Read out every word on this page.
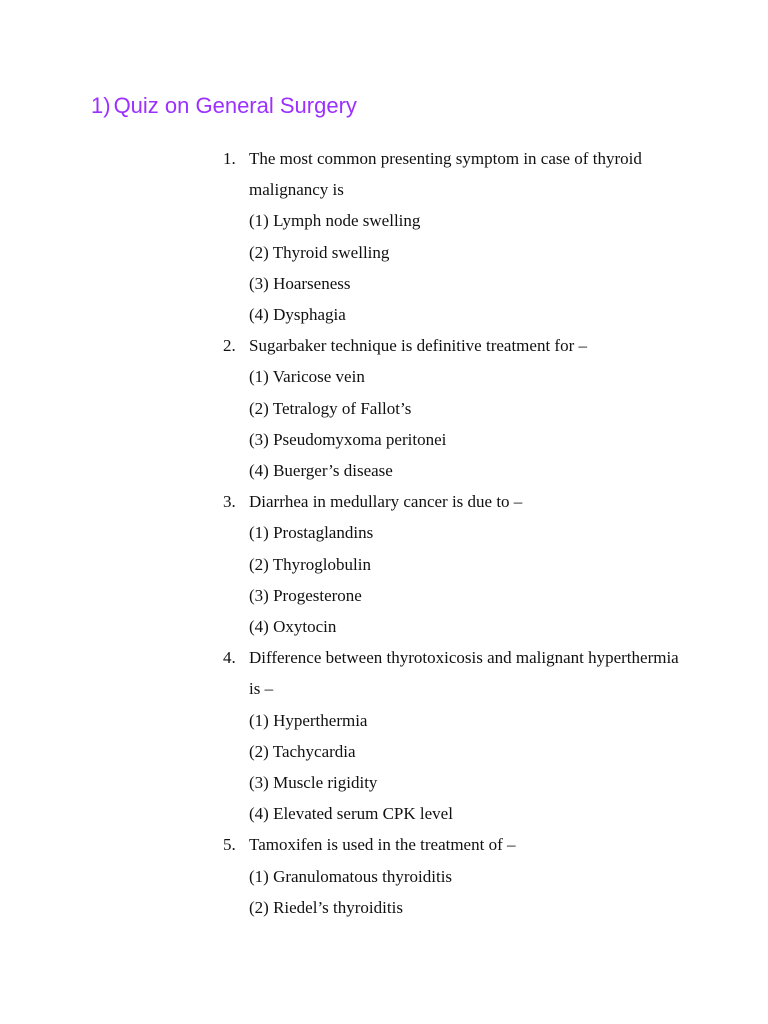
1) Quiz on General Surgery
1. The most common presenting symptom in case of thyroid malignancy is
(1) Lymph node swelling
(2) Thyroid swelling
(3) Hoarseness
(4) Dysphagia
2. Sugarbaker technique is definitive treatment for –
(1) Varicose vein
(2) Tetralogy of Fallot’s
(3) Pseudomyxoma peritonei
(4) Buerger’s disease
3. Diarrhea in medullary cancer is due to –
(1) Prostaglandins
(2) Thyroglobulin
(3) Progesterone
(4) Oxytocin
4. Difference between thyrotoxicosis and malignant hyperthermia is –
(1) Hyperthermia
(2) Tachycardia
(3) Muscle rigidity
(4) Elevated serum CPK level
5. Tamoxifen is used in the treatment of –
(1) Granulomatous thyroiditis
(2) Riedel’s thyroiditis
